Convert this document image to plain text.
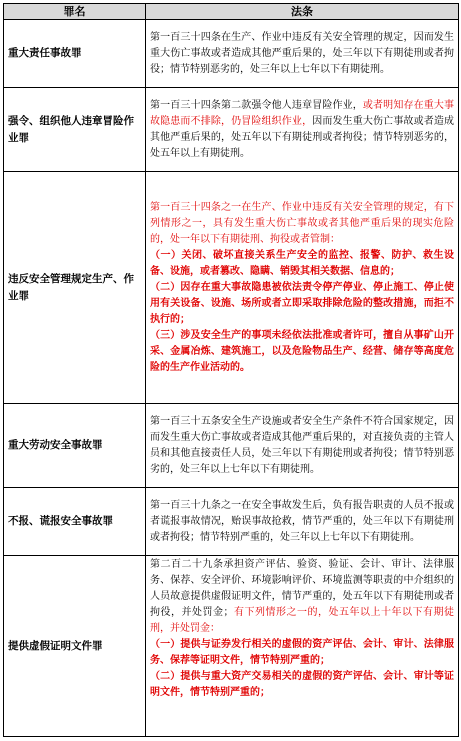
罪名	法条
重大责任事故罪	第一百三十四条在生产、作业中违反有关安全管理的规定，因而发生重大伤亡事故或者造成其他严重后果的，处三年以下有期徒刑或者拘役；情节特别恶劣的，处三年以上七年以下有期徒刑。
强令、组织他人违章冒险作业罪	第一百三十四条第二款强令他人违章冒险作业，或者明知存在重大事故隐患而不排除，仍冒险组织作业，因而发生重大伤亡事故或者造成其他严重后果的，处五年以下有期徒刑或者拘役；情节特别恶劣的，处五年以上有期徒刑。
违反安全管理规定生产、作业罪	第一百三十四条之一在生产、作业中违反有关安全管理的规定，有下列情形之一，具有发生重大伤亡事故或者其他严重后果的现实危险的，处一年以下有期徒刑、拘役或者管制：
（一）关闭、破坏直接关系生产安全的监控、报警、防护、救生设备、设施，或者篡改、隐瞒、销毁其相关数据、信息的；
（二）因存在重大事故隐患被依法责令停产停业、停止施工、停止使用有关设备、设施、场所或者立即采取排除危险的整改措施，而拒不执行的；
（三）涉及安全生产的事项未经依法批准或者许可，擅自从事矿山开采、金属冶炼、建筑施工，以及危险物品生产、经营、储存等高度危险的生产作业活动的。
重大劳动安全事故罪	第一百三十五条安全生产设施或者安全生产条件不符合国家规定，因而发生重大伤亡事故或者造成其他严重后果的，对直接负责的主管人员和其他直接责任人员，处三年以下有期徒刑或者拘役；情节特别恶劣的，处三年以上七年以下有期徒刑。
不报、谎报安全事故罪	第一百三十九条之一在安全事故发生后，负有报告职责的人员不报或者谎报事故情况，贻误事故抢救，情节严重的，处三年以下有期徒刑或者拘役；情节特别严重的，处三年以上七年以下有期徒刑。
提供虚假证明文件罪	第二百二十九条承担资产评估、验资、验证、会计、审计、法律服务、保荐、安全评价、环境影响评价、环境监测等职责的中介组织的人员故意提供虚假证明文件，情节严重的，处五年以下有期徒刑或者拘役，并处罚金；有下列情形之一的，处五年以上十年以下有期徒刑，并处罚金：
（一）提供与证券发行相关的虚假的资产评估、会计、审计、法律服务、保荐等证明文件，情节特别严重的；
（二）提供与重大资产交易相关的虚假的资产评估、会计、审计等证明文件，情节特别严重的；
